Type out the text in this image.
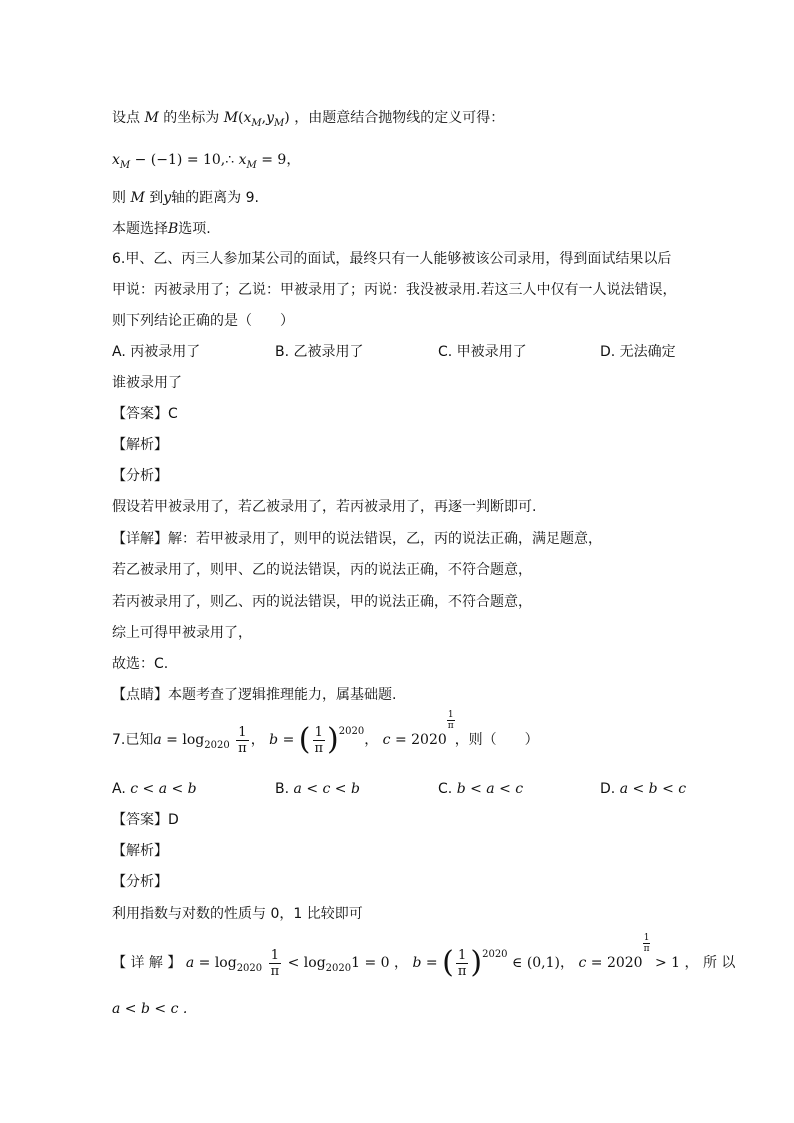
设点 M 的坐标为 $M(x_M,y_M)$ ，由题意结合抛物线的定义可得：
$x_M - (-1)$ = 10,∴ $x_M = 9$，
则 M 到y轴的距离为 9.
本题选择B选项.
6.甲、乙、丙三人参加某公司的面试，最终只有一人能够被该公司录用，得到面试结果以后
甲说：丙被录用了；乙说：甲被录用了；丙说：我没被录用.若这三人中仅有一人说法错误，
则下列结论正确的是（　　）
A. 丙被录用了	B. 乙被录用了	C. 甲被录用了	D. 无法确定
谁被录用了
【答案】C
【解析】
【分析】
假设若甲被录用了，若乙被录用了，若丙被录用了，再逐一判断即可.
【详解】解：若甲被录用了，则甲的说法错误，乙，丙的说法正确，满足题意，
若乙被录用了，则甲、乙的说法错误，丙的说法正确，不符合题意，
若丙被录用了，则乙、丙的说法错误，甲的说法正确，不符合题意，
综上可得甲被录用了，
故选：C.
【点睛】本题考查了逻辑推理能力，属基础题.
7.已知$a = \log_{2020} \frac{1}{\pi}$ ， b = ( $\frac{1}{\pi} )2020$， c = 2020
$\frac{1}{\pi}$
，则（　　）
A. c < a < b	B. a < c < b	C. b < a < c	D. a < b < c
【答案】D
【解析】
【分析】
利用指数与对数的性质与 0，1 比较即可
【 详 解 】 $a = \log_{2020} \frac{1}{\pi} < \log_{2020}1 = 0$ ， b = ( $\frac{1}{\pi} )2020$ ∈ (0,1)， c = 2020
$\frac{1}{\pi}$
> 1 ， 所 以
a < b < c .
